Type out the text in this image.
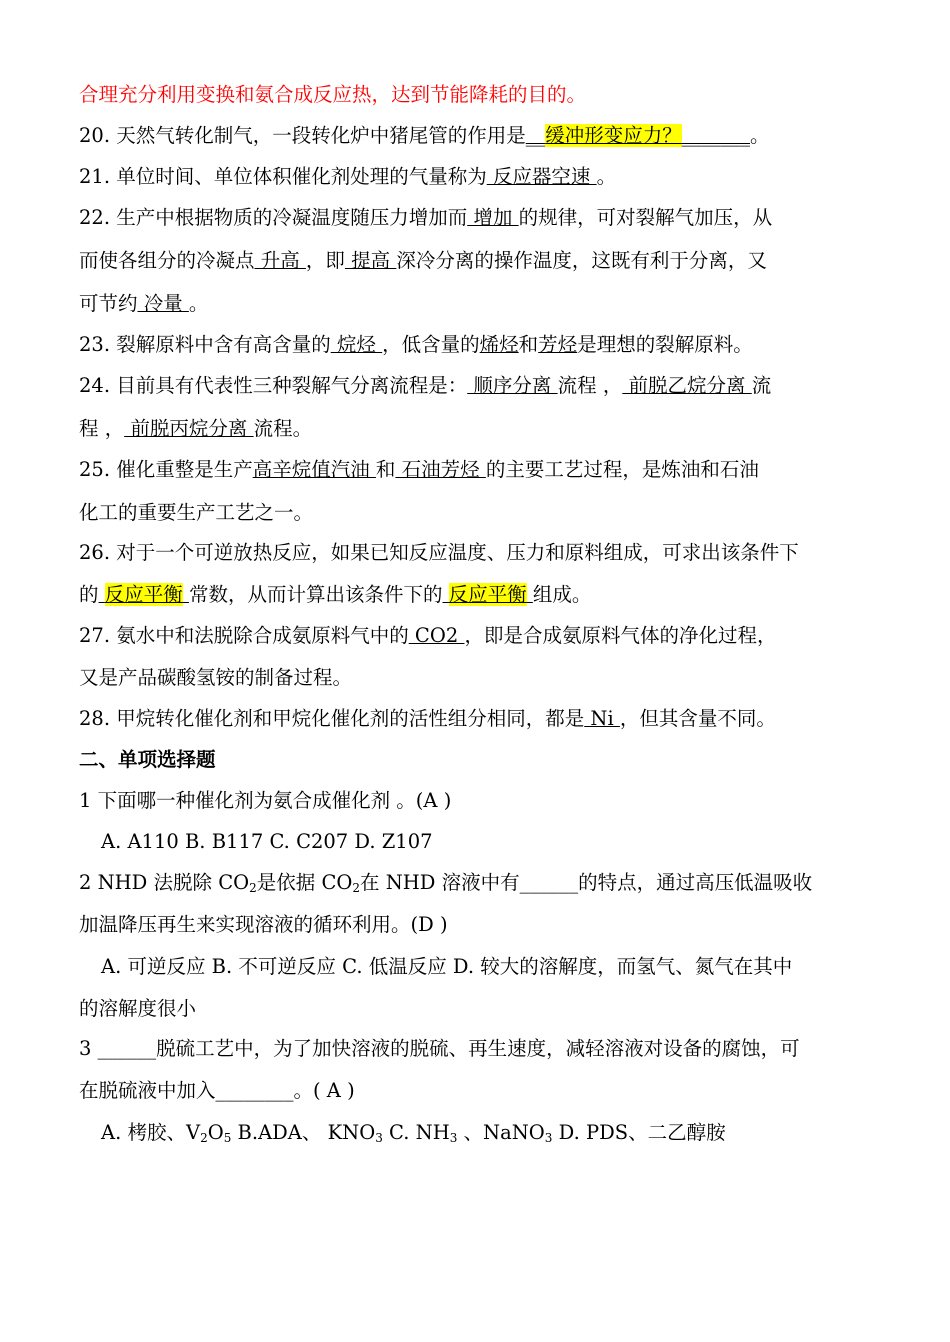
合理充分利用变换和氨合成反应热，达到节能降耗的目的。
20. 天然气转化制气，一段转化炉中猪尾管的作用是__缓冲形变应力？_______。
21. 单位时间、单位体积催化剂处理的气量称为 反应器空速 。
22. 生产中根据物质的冷凝温度随压力增加而 增加 的规律，可对裂解气加压，从
而使各组分的冷凝点 升高 ，即 提高 深冷分离的操作温度，这既有利于分离，又
可节约 冷量 。
23. 裂解原料中含有高含量的 烷烃 ，低含量的烯烃和芳烃是理想的裂解原料。
24. 目前具有代表性三种裂解气分离流程是： 顺序分离 流程 ， 前脱乙烷分离 流
程 ， 前脱丙烷分离 流程。
25. 催化重整是生产高辛烷值汽油 和 石油芳烃 的主要工艺过程，是炼油和石油
化工的重要生产工艺之一。
26. 对于一个可逆放热反应，如果已知反应温度、压力和原料组成，可求出该条件下
的 反应平衡 常数，从而计算出该条件下的 反应平衡 组成。
27. 氨水中和法脱除合成氨原料气中的 CO2 ，即是合成氨原料气体的净化过程，
又是产品碳酸氢铵的制备过程。
28. 甲烷转化催化剂和甲烷化催化剂的活性组分相同，都是 Ni ，但其含量不同。
二、单项选择题
1 下面哪一种催化剂为氨合成催化剂 。(A )
A. A110 B. B117 C. C207 D. Z107
2 NHD 法脱除 $CO_2$是依据 $CO_2$在 NHD 溶液中有______的特点，通过高压低温吸收
加温降压再生来实现溶液的循环利用。(D )
A. 可逆反应 B. 不可逆反应 C. 低温反应 D. 较大的溶解度，而氢气、氮气在其中
的溶解度很小
3 ______脱硫工艺中，为了加快溶液的脱硫、再生速度，减轻溶液对设备的腐蚀，可
在脱硫液中加入________。( A )
A. 栲胶、$V_2O_5$ B.ADA、 $KNO_3$ C. $NH_3$ 、NaNO$_3$ D. PDS、二乙醇胺
